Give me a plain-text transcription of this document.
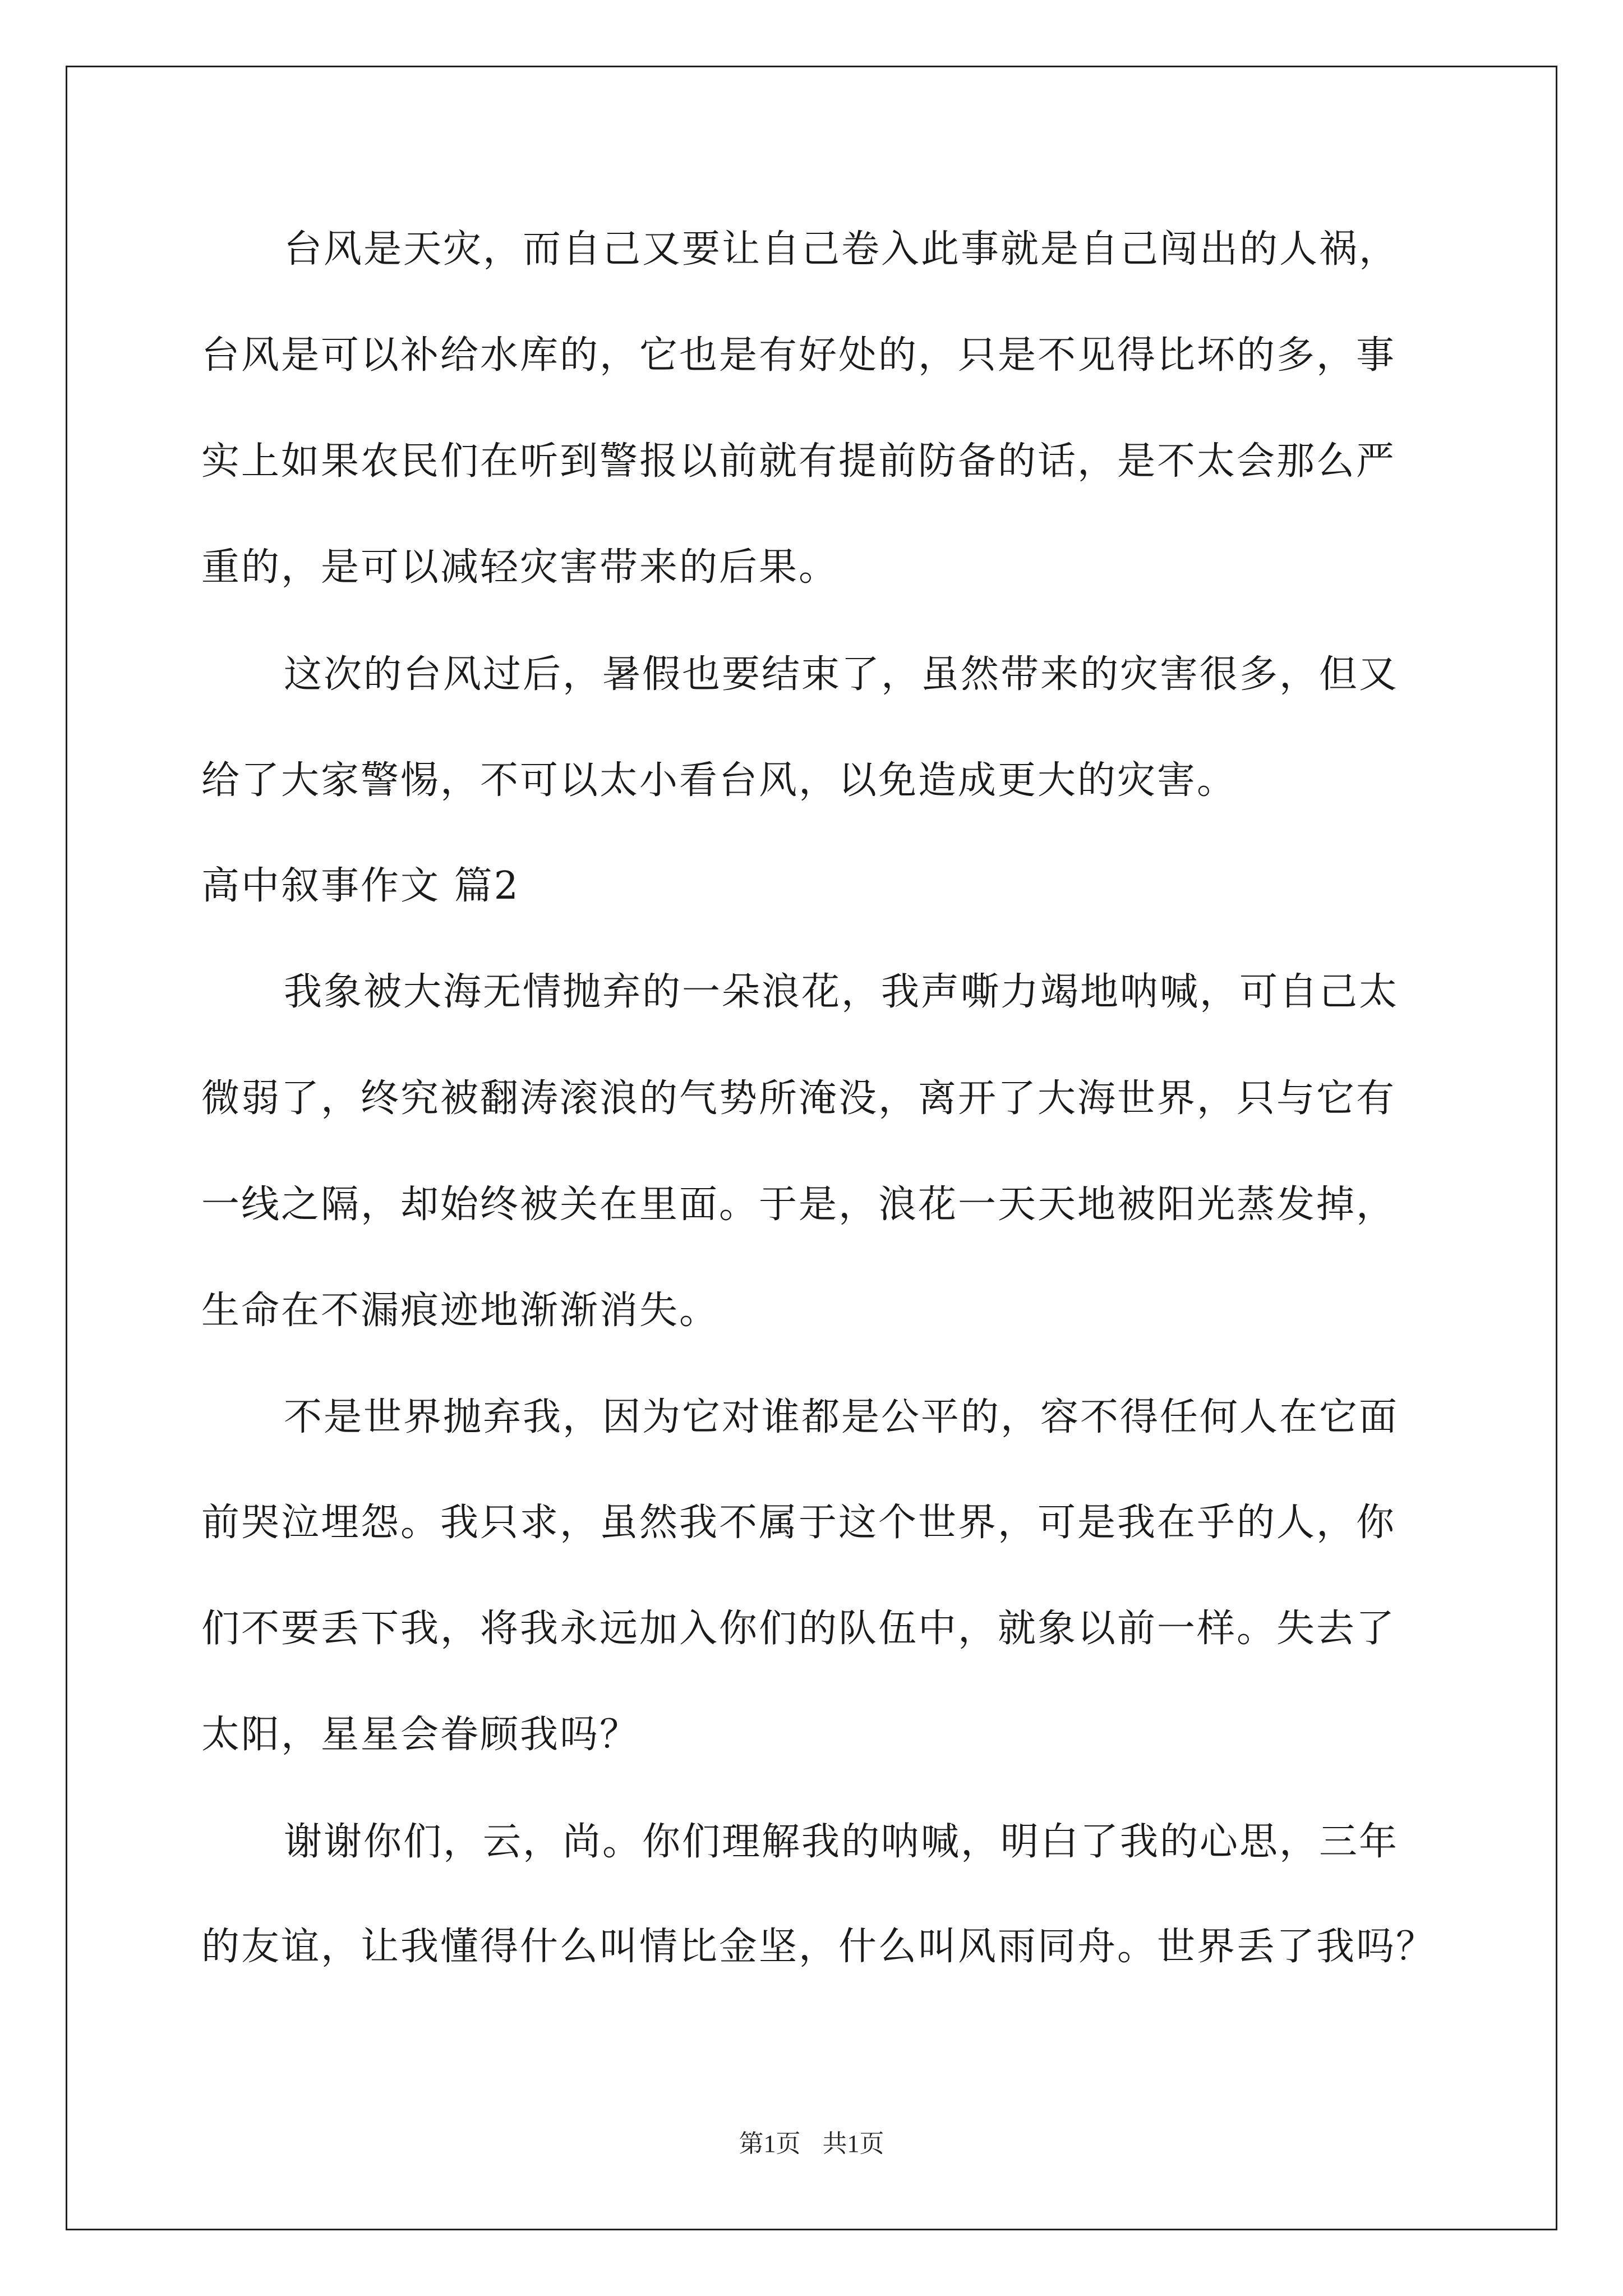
台风是天灾，而自己又要让自己卷入此事就是自己闯出的人祸，
台风是可以补给水库的，它也是有好处的，只是不见得比坏的多，事
实上如果农民们在听到警报以前就有提前防备的话，是不太会那么严
重的，是可以减轻灾害带来的后果。
这次的台风过后，暑假也要结束了，虽然带来的灾害很多，但又
给了大家警惕，不可以太小看台风，以免造成更大的灾害。
高中叙事作文 篇2
我象被大海无情抛弃的一朵浪花，我声嘶力竭地呐喊，可自己太
微弱了，终究被翻涛滚浪的气势所淹没，离开了大海世界，只与它有
一线之隔，却始终被关在里面。于是，浪花一天天地被阳光蒸发掉，
生命在不漏痕迹地渐渐消失。
不是世界抛弃我，因为它对谁都是公平的，容不得任何人在它面
前哭泣埋怨。我只求，虽然我不属于这个世界，可是我在乎的人，你
们不要丢下我，将我永远加入你们的队伍中，就象以前一样。失去了
太阳，星星会眷顾我吗？
谢谢你们，云，尚。你们理解我的呐喊，明白了我的心思，三年
的友谊，让我懂得什么叫情比金坚，什么叫风雨同舟。世界丢了我吗？
第1页 共1页
